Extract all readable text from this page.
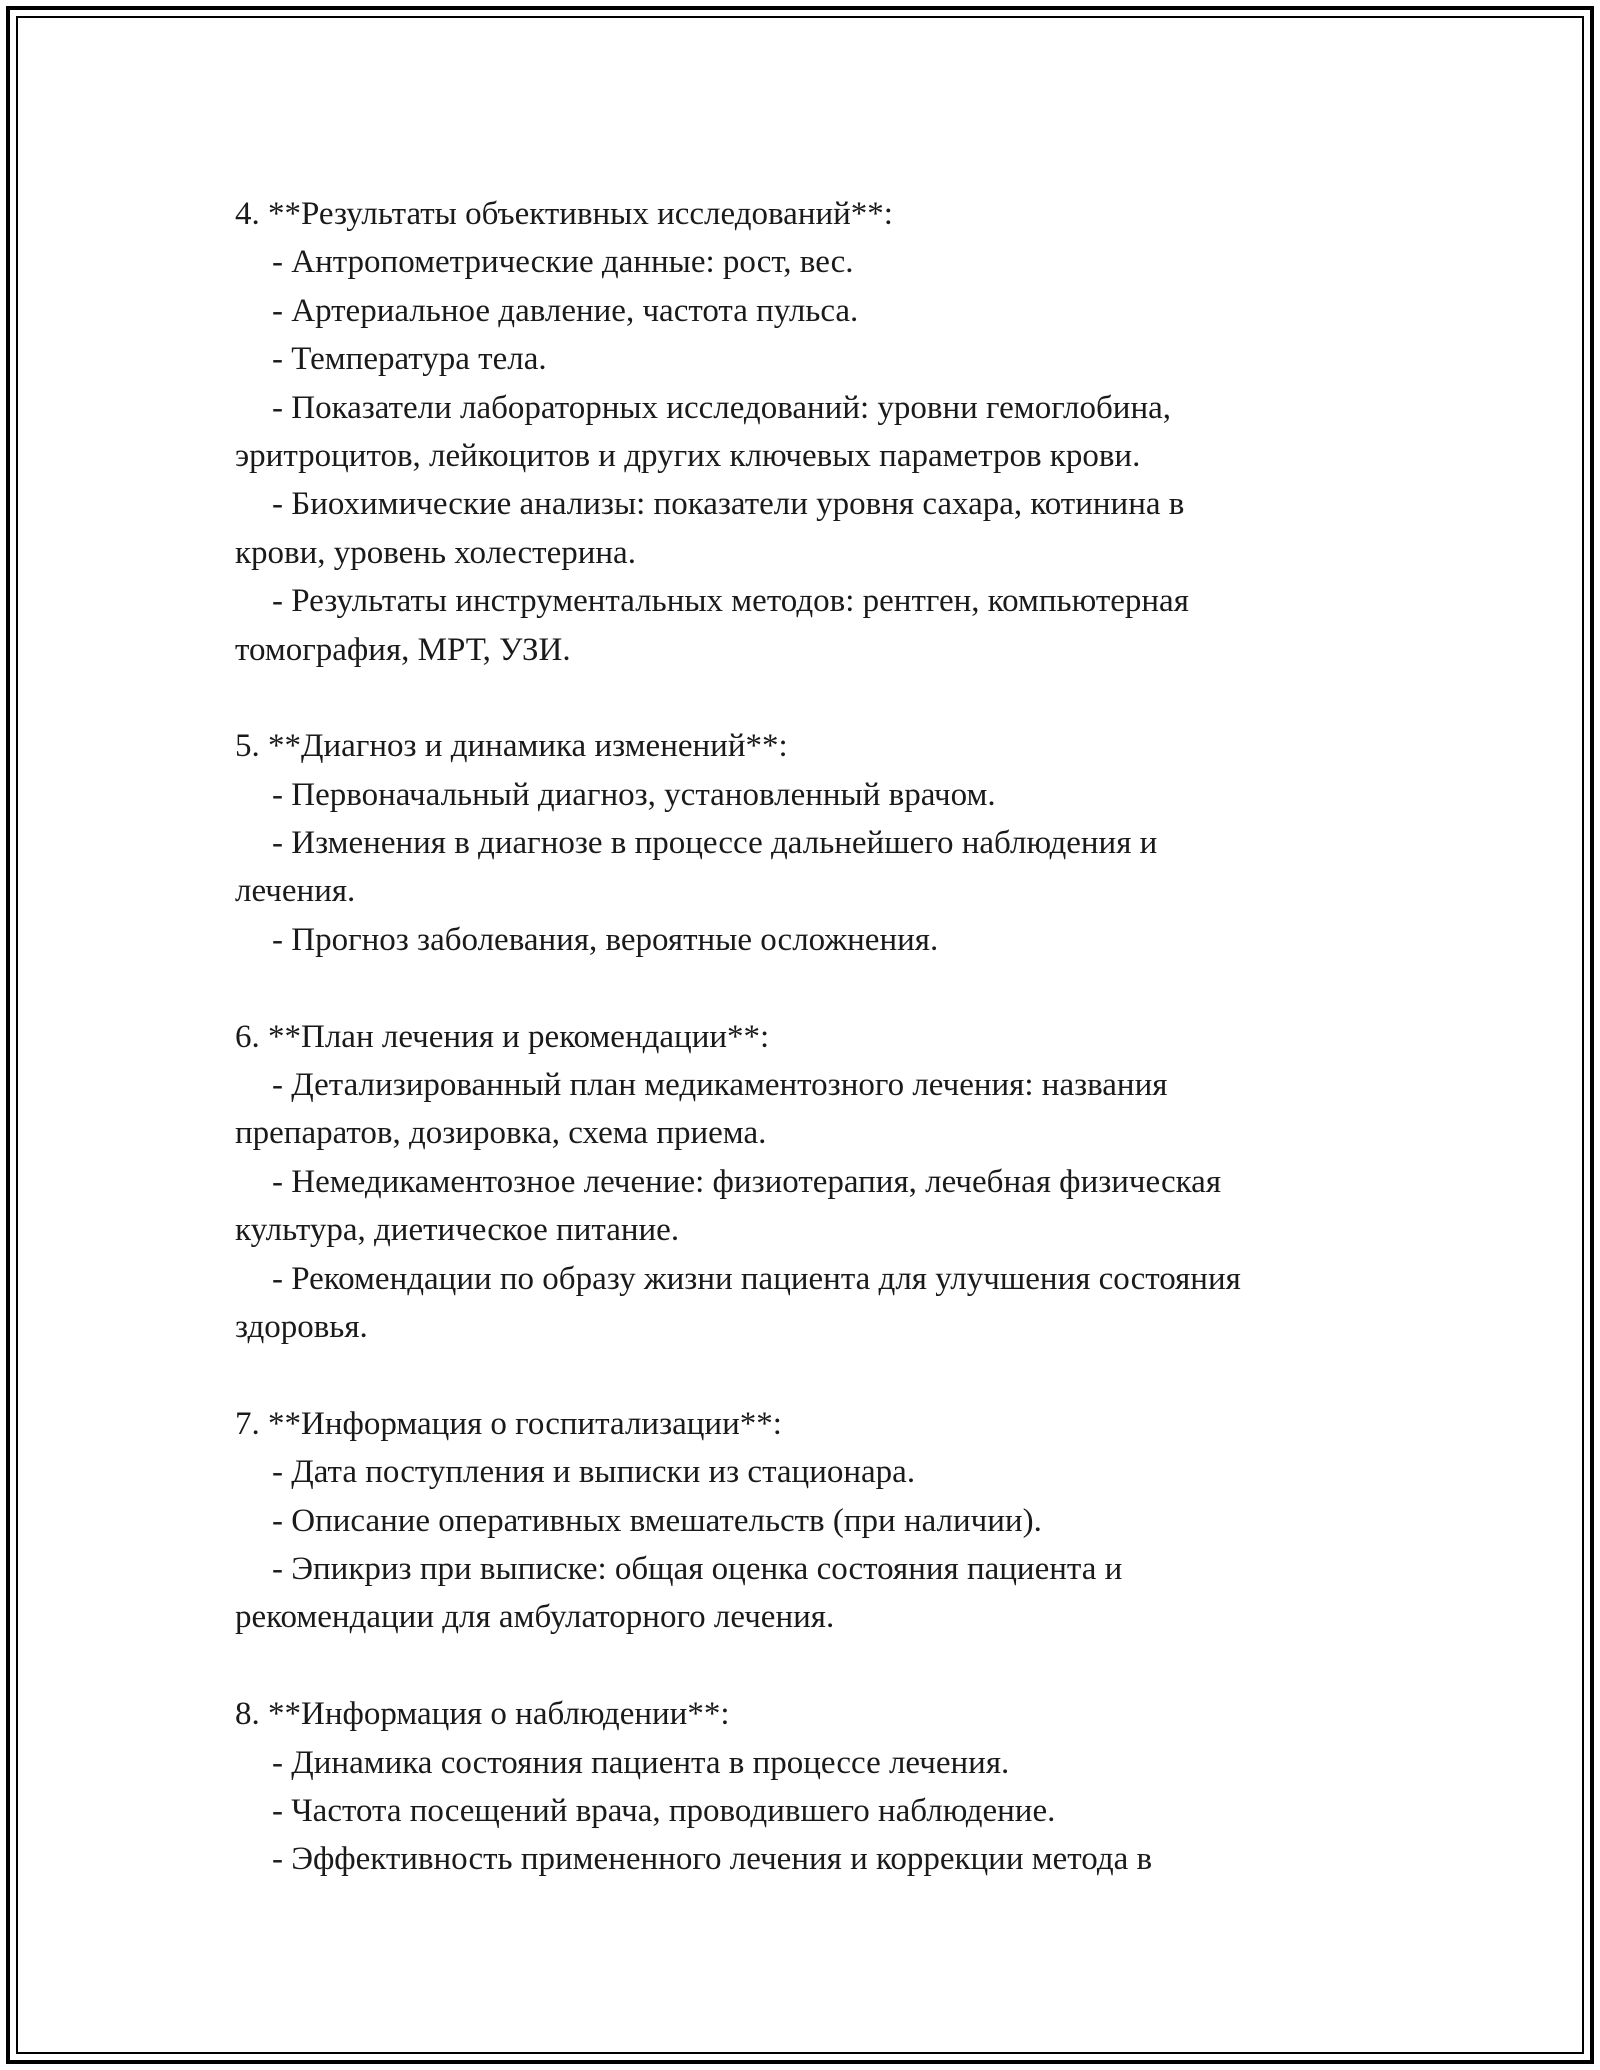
4. **Результаты объективных исследований**:
- Антропометрические данные: рост, вес.
- Артериальное давление, частота пульса.
- Температура тела.
- Показатели лабораторных исследований: уровни гемоглобина,
эритроцитов, лейкоцитов и других ключевых параметров крови.
- Биохимические анализы: показатели уровня сахара, котинина в
крови, уровень холестерина.
- Результаты инструментальных методов: рентген, компьютерная
томография, МРТ, УЗИ.
5. **Диагноз и динамика изменений**:
- Первоначальный диагноз, установленный врачом.
- Изменения в диагнозе в процессе дальнейшего наблюдения и
лечения.
- Прогноз заболевания, вероятные осложнения.
6. **План лечения и рекомендации**:
- Детализированный план медикаментозного лечения: названия
препаратов, дозировка, схема приема.
- Немедикаментозное лечение: физиотерапия, лечебная физическая
культура, диетическое питание.
- Рекомендации по образу жизни пациента для улучшения состояния
здоровья.
7. **Информация о госпитализации**:
- Дата поступления и выписки из стационара.
- Описание оперативных вмешательств (при наличии).
- Эпикриз при выписке: общая оценка состояния пациента и
рекомендации для амбулаторного лечения.
8. **Информация о наблюдении**:
- Динамика состояния пациента в процессе лечения.
- Частота посещений врача, проводившего наблюдение.
- Эффективность примененного лечения и коррекции метода в
